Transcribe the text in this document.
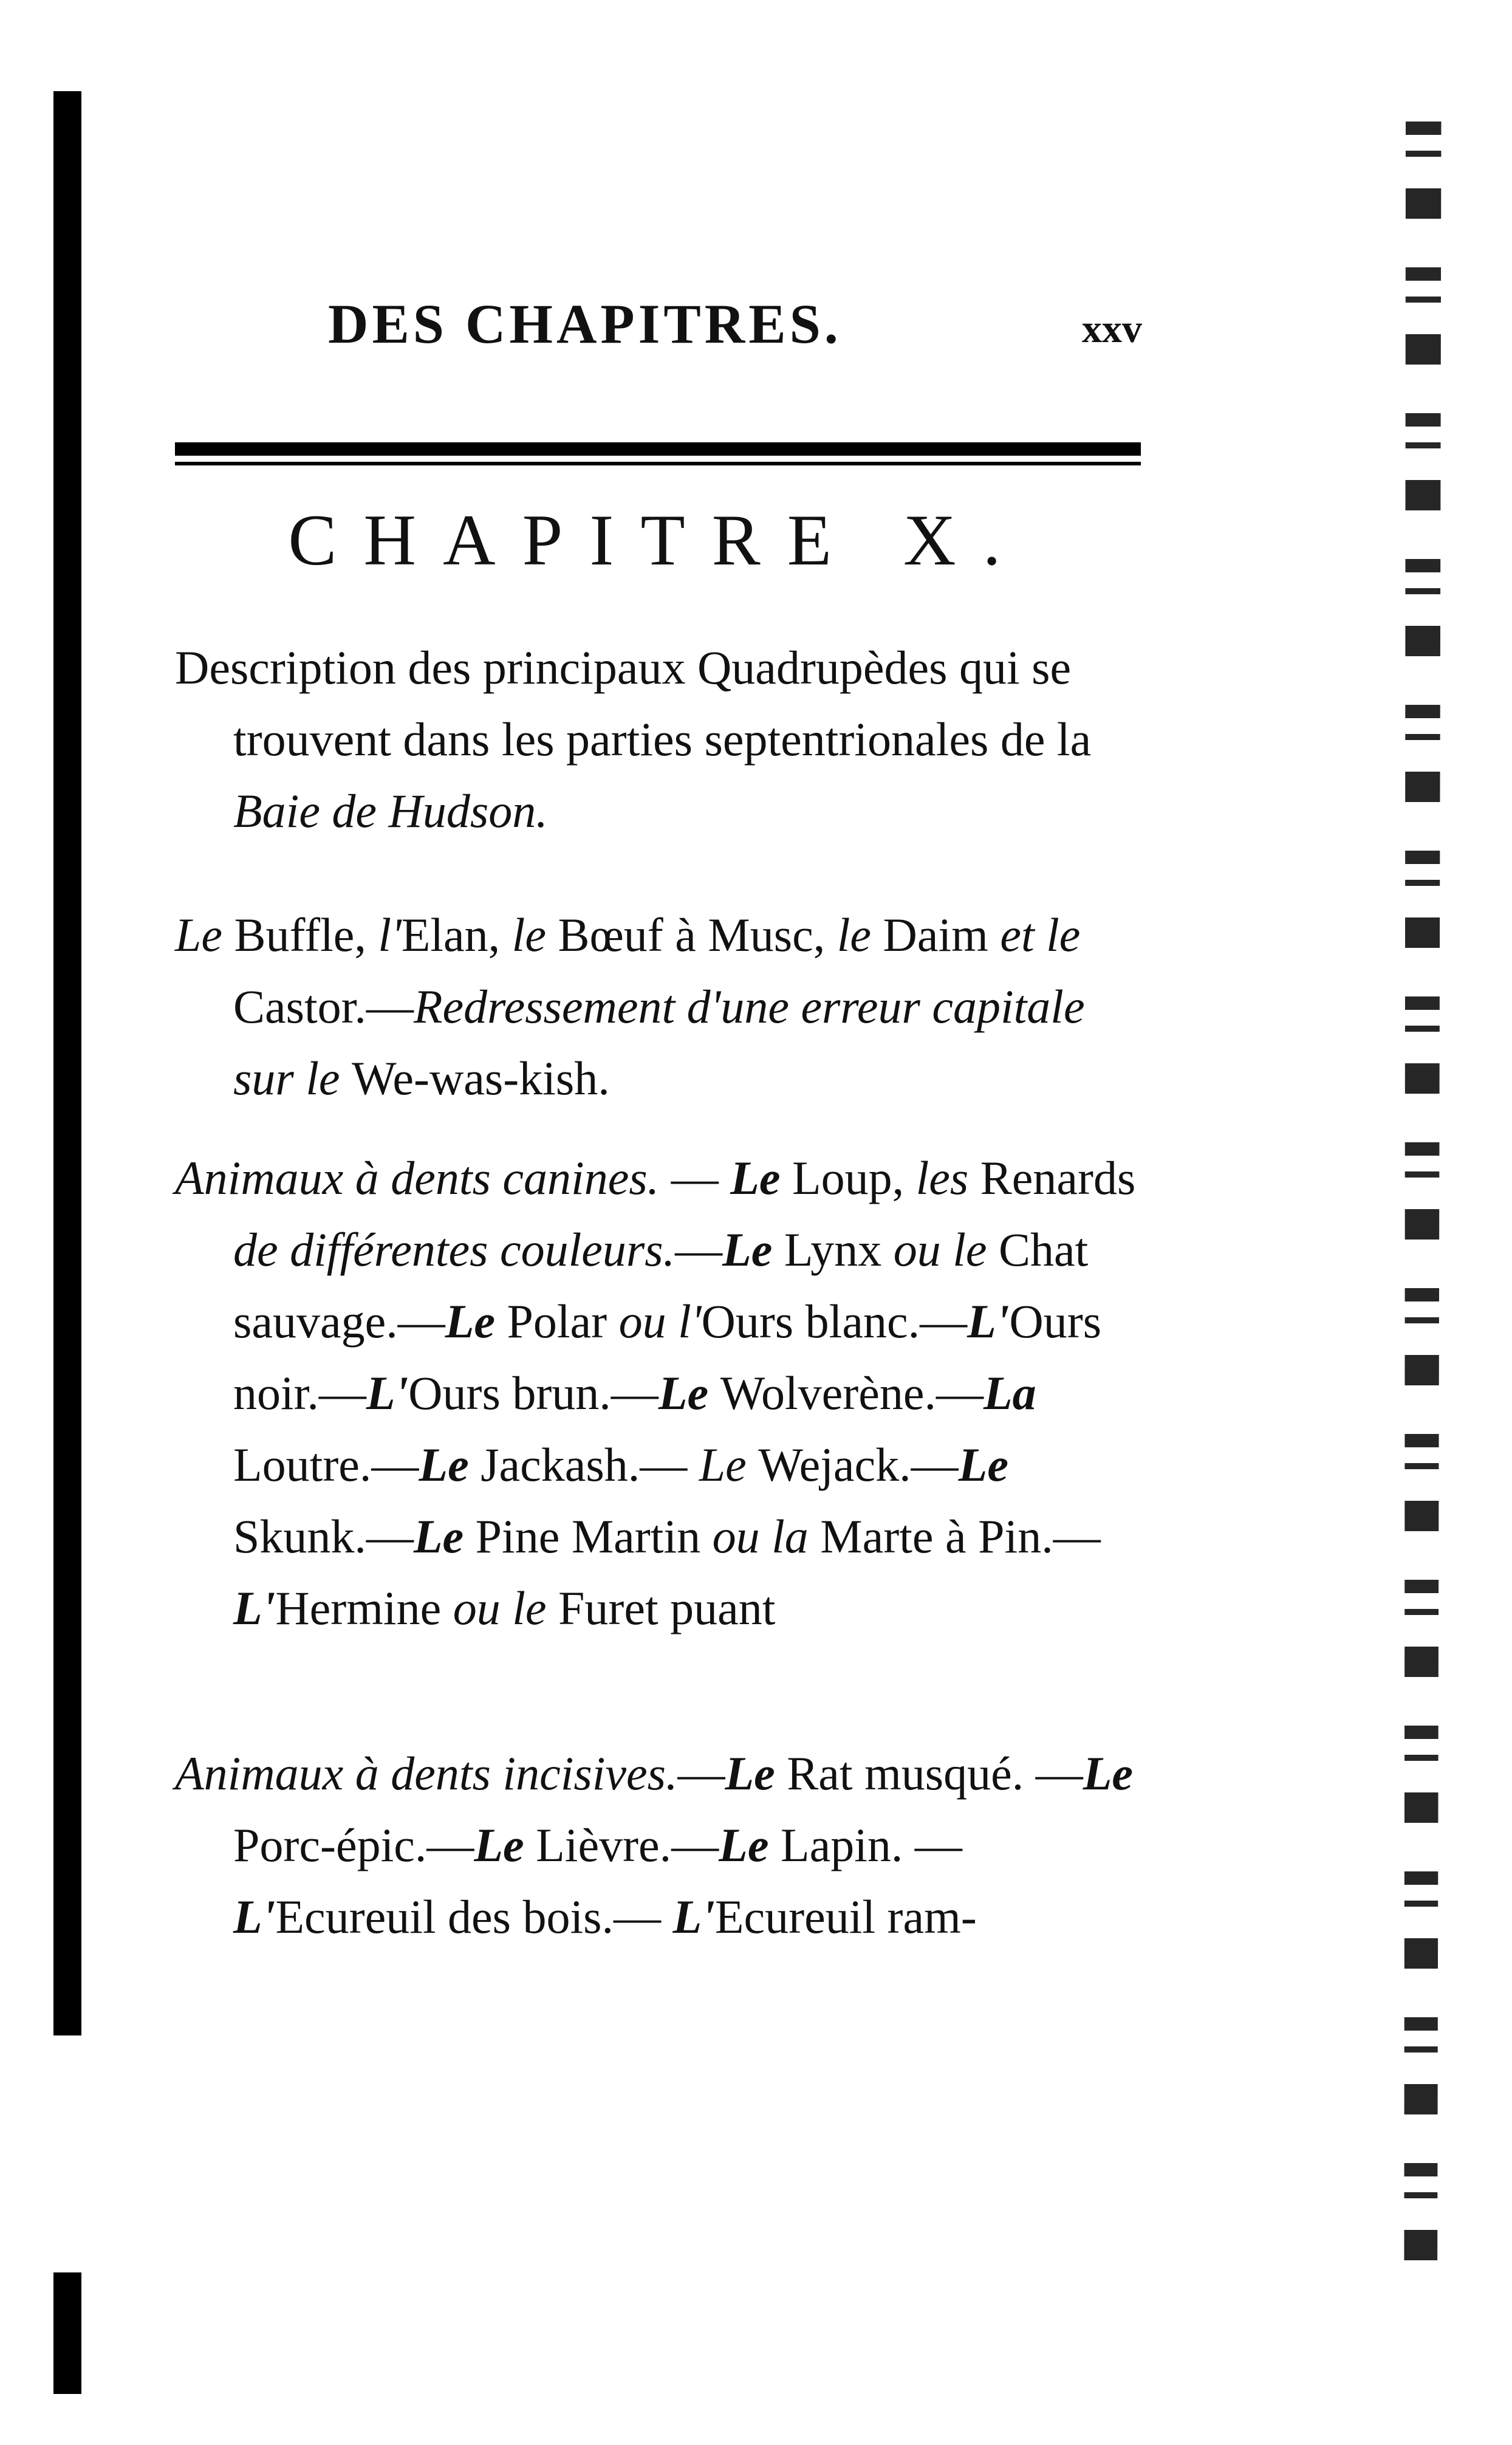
DES CHAPITRES.	xxv
CHAPITRE X.

Description des principaux Quadrupèdes qui se trouvent dans les parties septentrionales de la Baie de Hudson.

Le Buffle, l'Elan, le Bœuf à Musc, le Daim et le Castor.—Redressement d'une erreur capitale sur le We-was-kish.

Animaux à dents canines. — Le Loup, les Renards de différentes couleurs.—Le Lynx ou le Chat sauvage.—Le Polar ou l'Ours blanc.—L'Ours noir.—L'Ours brun.—Le Wolverène.—La Loutre.—Le Jackash.— Le Wejack.—Le Skunk.—Le Pine Martin ou la Marte à Pin.—L'Hermine ou le Furet puant

Animaux à dents incisives.—Le Rat musqué. —Le Porc-épic.—Le Lièvre.—Le Lapin. —L'Ecureuil des bois.— L'Ecureuil ram-
